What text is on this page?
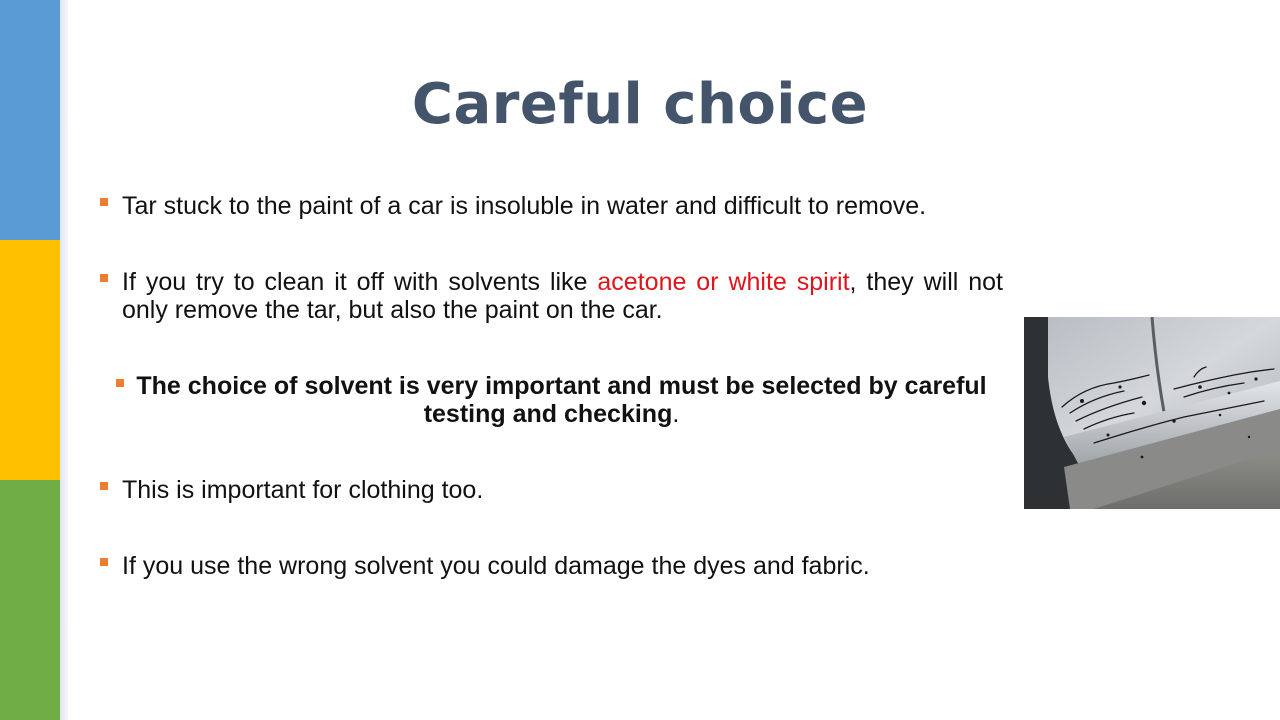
Careful choice
Tar stuck to the paint of a car is insoluble in water and difficult to remove.
If you try to clean it off with solvents like acetone or white spirit, they will not only remove the tar, but also the paint on the car.
The choice of solvent is very important and must be selected by careful testing and checking.
This is important for clothing too.
If you use the wrong solvent you could damage the dyes and fabric.
